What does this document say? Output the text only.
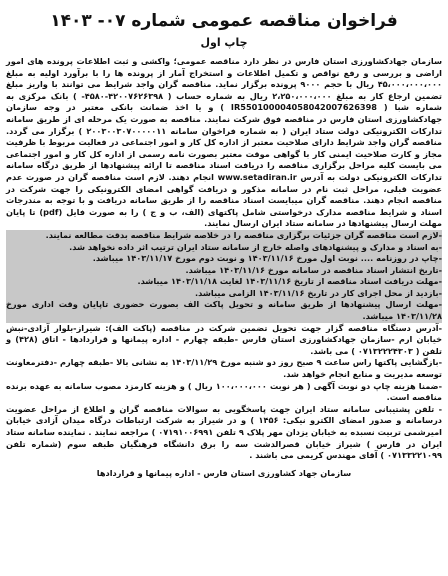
فراخوان مناقصه عمومی شماره ۰۷- ۱۴۰۳
چاپ اول

سازمان جهادکشاورزی استان فارس در نظر دارد مناقصه عمومی؛ واکشی و ثبت اطلاعات پرونده های امور اراضی و بررسی و رفع نواقص و تکمیل اطلاعات و استخراج آمار از پرونده ها را با برآورد اولیه به مبلغ ۴۵،۰۰۰،۰۰۰،۰۰۰ ریال با حجم ۹۰۰۰ پرونده برگزار نماید. مناقصه گران واجد شرایط می توانند با واریز مبلغ تضمین ارجاع کار به مبلغ ۲،۲۵۰،۰۰۰،۰۰۰ ریال به شماره حساب ( ۴۲۰۰۷۶۲۶۳۹۸-۴۵۸۰- ) بانک مرکزی به شماره شبا ( IR550100004058042007626398 ) و یا اخذ ضمانت بانکی معتبر در وجه سازمان جهادکشاورزی استان فارس در مناقصه فوق شرکت نمایند. مناقصه به صورت یک مرحله ای از طریق سامانه تدارکات الکترونیکی دولت ستاد ایران ( به شماره فراخوان سامانه ۲۰۰۳۰۰۳۰۷۰۰۰۰۰۱۱ ) برگزار می گردد. مناقصه گران واجد شرایط دارای صلاحیت معتبر از اداره کل کار و امور اجتماعی در فعالیت مربوط با ظرفیت مجاز و کارت صلاحیت ایمنی کار با گواهی موقت معتبر بصورت نامه رسمی از اداره کل کار و امور اجتماعی می بایست کلیه مراحل برگزاری مناقصه را دریافت اسناد مناقصه تا ارائه پیشنهادها از طریق درگاه سامانه تدارکات الکترونیکی دولت به آدرس www.setadiran.ir انجام دهند. لازم است مناقصه گران در صورت عدم عضویت قبلی، مراحل ثبت نام در سامانه مذکور و دریافت گواهی امضای الکترونیکی را جهت شرکت در مناقصه انجام دهند. مناقصه گران میبایست اسناد مناقصه را از طریق سامانه دریافت و با توجه به مندرجات اسناد و شرایط مناقصه مدارک درخواستی شامل پاکتهای (الف، ب و ج ) را به صورت فایل (pdf) تا پایان مهلت ارسال پیشنهادها در سامانه ستاد ایران ارسال نمایند.

-لازم است مناقصه گران جزئیات برگزاری مناقصه را در خلاصه شرایط مناقصه بدقت مطالعه نمایند.

-به اسناد و مدارک و پیشنهادهای واصله خارج از سامانه ستاد ایران ترتیب اثر داده نخواهد شد.

-چاپ در روزنامه .... نوبت اول مورخ ۱۴۰۳/۱۱/۱۶ و نوبت دوم مورخ ۱۴۰۳/۱۱/۱۷ میباشد.

-تاریخ انتشار اسناد مناقصه در سامانه مورخ ۱۴۰۳/۱۱/۱۶ میباشد.

-مهلت دریافت اسناد مناقصه از تاریخ ۱۴۰۳/۱۱/۱۶ لغایت ۱۴۰۳/۱۱/۱۸ میباشد.

-بازدید از محل اجرای کار در تاریخ ۱۴۰۳/۱۱/۱۶ الزامی میباشد.

-مهلت ارسال پیشنهادها از طریق سامانه و تحویل پاکت الف بصورت حضوری تاپایان وقت اداری مورخ ۱۴۰۳/۱۱/۲۸ میباشد.

-آدرس دستگاه مناقصه گزار جهت تحویل تضمین شرکت در مناقصه (پاکت الف): شیراز-بلوار آزادی-نبش خیابان ارم -سازمان جهادکشاورزی استان فارس -طبقه چهارم - اداره پیمانها و قراردادها - اتاق (۴۲۸) و تلفن ( ۰۷۱۳۲۲۲۴۳۰۳ ) می باشد.

-بازگشایی پاکتها راس ساعت ۹ صبح روز دو شنبه مورخ ۱۴۰۳/۱۱/۲۹ به نشانی بالا -طبقه چهارم -دفترمعاونت توسعه مدیریت و منابع انجام خواهد شد.

-ضمنا هزینه چاپ دو نوبت آگهی ( هر نوبت ۱۰۰،۰۰۰،۰۰۰ ریال ) و هزینه کارمزد مصوب سامانه به عهده برنده مناقصه است.

- تلفن پشتیبانی سامانه ستاد ایران جهت پاسخگویی به سوالات مناقصه گران و اطلاع از مراحل عضویت درسامانه و صدور امضای الکترو نیکی: ۱۴۵۶ ) و در شیراز به شرکت ارتباطات درگاه میدان آزادی خیابان امیرشمی تربیت نسبده به خیابان یزدان مهر پلاک ۹ تلفن ۰۷۱۹۱۰۰۶۹۹۱ ) مراجعه نمایند . نماینده سامانه ستاد ایران در فارس ) شیراز خیابان قصرالدشت سه را برق دانشگاه فرهنگیان طبقه سوم (شماره تلفن ۰۷۱۳۳۲۲۱۰۹۹ ) آقای مهندس کریمی می باشند .

سازمان جهاد کشاورزی استان فارس - اداره پیمانها و قراردادها
